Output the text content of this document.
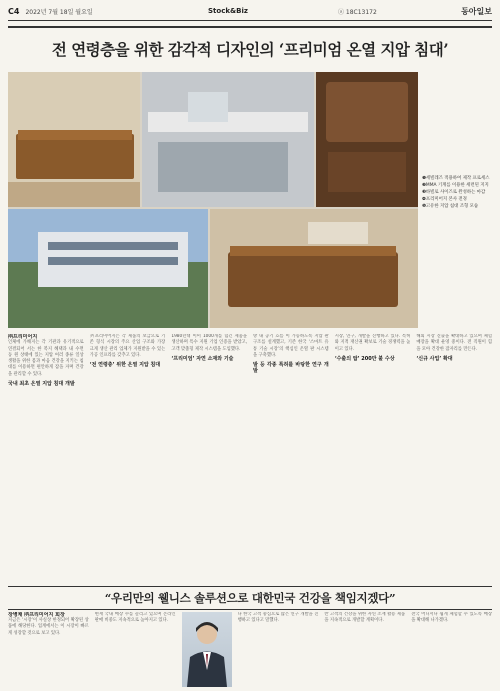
C4 2022년 7월 18일 월요일	Stock&Biz	ⓐ 18C13172	동아일보
전 연령층을 위한 감각적 디자인의 ‘프리미엄 온열 지압 침대’
❶세빌레즈 적용하여 제작 프로세스
❷MMA 기계를 이용한 세련된 지지
❸바빌로 사이즈로 완성하는 마감
❹프리미어지 본사 전경
❺고유한 지압 침대 조형 모습
㈜프리미어지
인체에 가해지는 각 기관과 유기적으로 연결되어 서는 한 복지 혜택과 내 수면 동 원 상태에 있는 지압 여러 종류 일상 생활을 위한 몸과 마음 건강을 지키는 침대를 이용하면 편안하게 잠을 자며 건강을 관리할 수 있다.
국내 최초 온열 지압 침대 개발
㈜프리미어지는 각 제품의 보급으로 기존 형식 시장의 주요 산업 구조와 가장 크게 생산 관리 업체가 지원받을 수 있는 가공 인프라를 갖추고 있다.
‘전 연령층’ 위한 온열 지압 침대
1980년대 이미 1000개를 넘긴 제품을 생산하며 특수 지원 기업 인증을 받았고, 고객 맞춤형 제작 시스템을 도입했다.
‘프리미엄’ 자연 소재와 기술
방 내 공기 흐름 이 가능하도록 지압 판 구조를 설계했고, 기존 한국 ‘스마트 유통 기술 시장’의 핵심인 온열 판 시스템을 구축했다.
발 등 각종 특허를 바탕한 연구 개발
시장, 연구, 개발을 진행하고 있다. 특허와 지적 재산권 확보로 기술 경쟁력을 높이고 있다.
‘수출의 탑’ 200만 불 수상
해외 시장 진출을 확대하고 있으며 체험 매장을 확대 운영 중이다. 전 직원이 힘을 모아 건강한 잠자리를 만든다.
‘신규 사업’ 확대
“우리만의 웰니스 솔루션으로 대한민국 건강을 책임지겠다”
장병채 ㈜프리미어지 회장
지금은 ‘시장’이 사실상 한정되어 확장된 상품에 해당한다. 업계에서는 이 시장이 빠르게 성장할 것으로 보고 있다.
현재 국내 매장 수를 늘리고 있으며 온라인 판매 비중도 지속적으로 높아지고 있다.
다 한국 고객 중심으로 많은 연구 개발을 진행하고 있다고 말했다.
반 고객의 건강을 위한 자연 소재 활용 제품을 지속적으로 개발할 계획이다.
전국 어디서나 쉽게 체험할 수 있도록 매장을 확대해 나가겠다.
